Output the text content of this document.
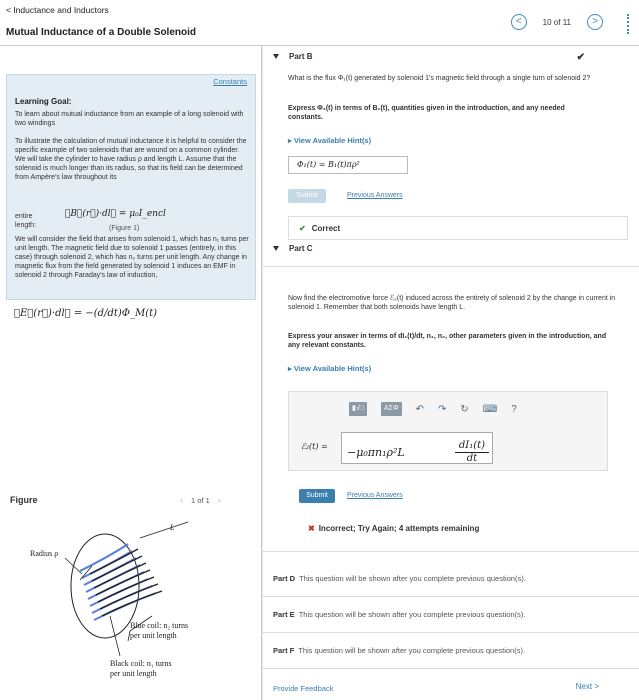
< Inductance and Inductors
Mutual Inductance of a Double Solenoid
<	10 of 11	>
Constants
Learning Goal:

To learn about mutual inductance from an example of a long solenoid with two windings

To illustrate the calculation of mutual inductance it is helpful to consider the specific example of two solenoids that are wound on a common cylinder. We will take the cylinder to have radius ρ and length L. Assume that the solenoid is much longer than its radius, so that its field can be determined from Ampère's law throughout its

entire length:
∮B⃗(r⃗)·dl⃗ = μ₀I_encl
(Figure 1)

We will consider the field that arises from solenoid 1, which has n₁ turns per unit length. The magnetic field due to solenoid 1 passes (entirely, in this case) through solenoid 2, which has n₂ turns per unit length. Any change in magnetic flux from the field generated by solenoid 1 induces an EMF in solenoid 2 through Faraday's law of induction,

∮E⃗(r⃗)·dl⃗ = −(d/dt)Φ_M(t)
Figure	‹ 1 of 1 ›
Radius ρ
L
Blue coil: n₂ turns
per unit length
Black coil: n₁ turns
per unit length
Part B	✔

What is the flux Φ₁(t) generated by solenoid 1's magnetic field through a single turn of solenoid 2?

Express Φ₁(t) in terms of B₁(t), quantities given in the introduction, and any needed constants.

▸ View Available Hint(s)
Φ₁(t) = B₁(t)πρ²
Submit	Previous Answers
✔ Correct
Part C

Now find the electromotive force ℰ₂(t) induced across the entirety of solenoid 2 by the change in current in solenoid 1. Remember that both solenoids have length L.

Express your answer in terms of dI₁(t)/dt, n₁, n₂, other parameters given in the introduction, and any relevant constants.

▸ View Available Hint(s)
▮√□	ΑΣΦ	↶ ↷ ↻ ⌨ ?
ℰ₂(t) = −μ₀πn₁ρ²L	$\frac{\text{dI₁(t)}}{dt}$
Submit	Previous Answers
✖ Incorrect; Try Again; 4 attempts remaining
Part D This question will be shown after you complete previous question(s).
Part E This question will be shown after you complete previous question(s).
Part F This question will be shown after you complete previous question(s).
Provide Feedback	Next >
